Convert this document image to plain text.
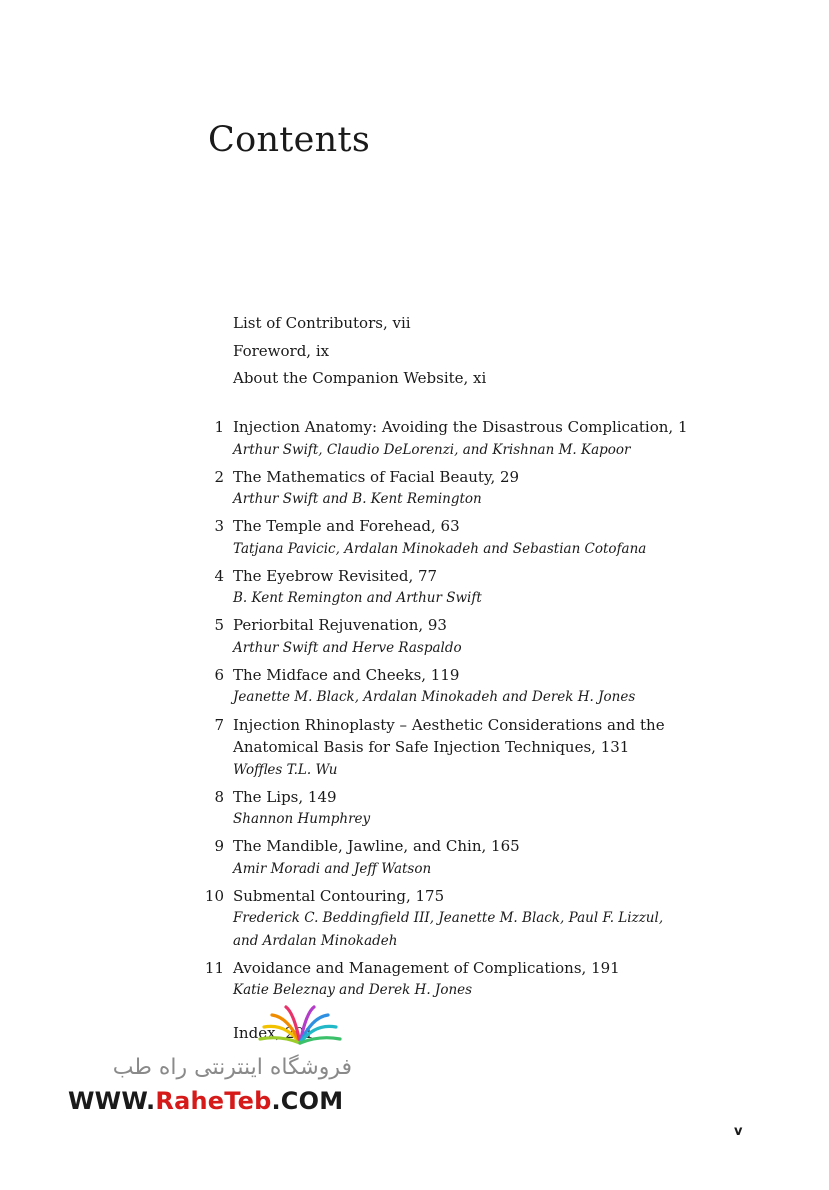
Contents
List of Contributors, vii
Foreword, ix
About the Companion Website, xi
1 Injection Anatomy: Avoiding the Disastrous Complication, 1
Arthur Swift, Claudio DeLorenzi, and Krishnan M. Kapoor
2 The Mathematics of Facial Beauty, 29
Arthur Swift and B. Kent Remington
3 The Temple and Forehead, 63
Tatjana Pavicic, Ardalan Minokadeh and Sebastian Cotofana
4 The Eyebrow Revisited, 77
B. Kent Remington and Arthur Swift
5 Periorbital Rejuvenation, 93
Arthur Swift and Herve Raspaldo
6 The Midface and Cheeks, 119
Jeanette M. Black, Ardalan Minokadeh and Derek H. Jones
7 Injection Rhinoplasty – Aesthetic Considerations and the Anatomical Basis for Safe Injection Techniques, 131
Woffles T.L. Wu
8 The Lips, 149
Shannon Humphrey
9 The Mandible, Jawline, and Chin, 165
Amir Moradi and Jeff Watson
10 Submental Contouring, 175
Frederick C. Beddingfield III, Jeanette M. Black, Paul F. Lizzul,
and Ardalan Minokadeh
11 Avoidance and Management of Complications, 191
Katie Beleznay and Derek H. Jones
Index, 201
فروشگاه اینترنتی راه طب
WWW.RaheTeb.COM
v
